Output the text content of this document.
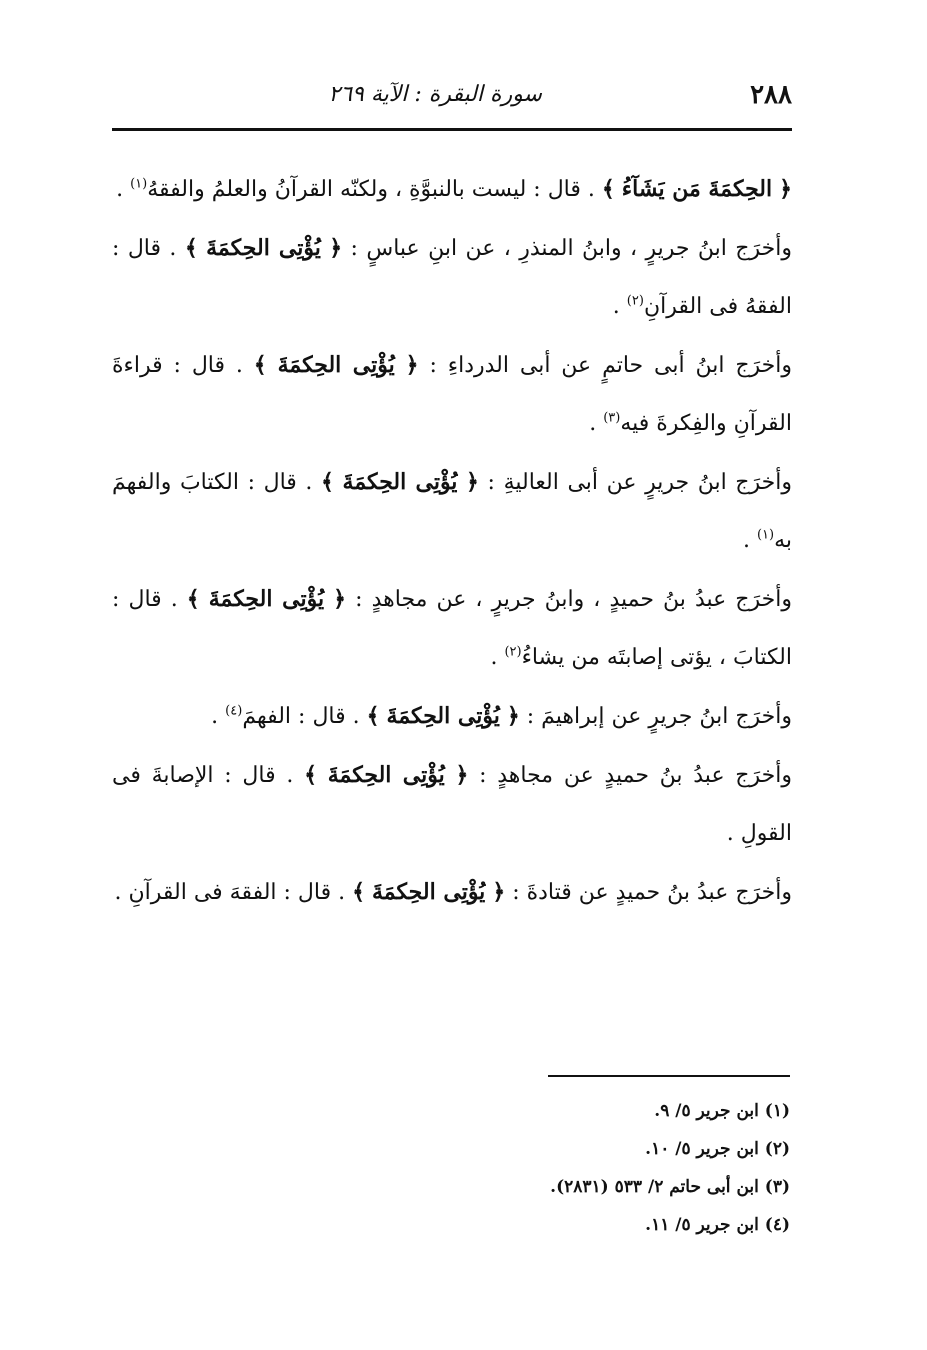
٢٨٨
سورة البقرة : الآية ٢٦٩

﴿ الحِكمَةَ مَن يَشَآءُ ﴾ . قال : ليست بالنبوَّةِ ، ولكنّه القرآنُ والعلمُ والفقهُ$^{(١)}$ .

وأخرَج ابنُ جريرٍ ، وابنُ المنذرِ ، عن ابنِ عباسٍ : ﴿ يُؤْتِى الحِكمَةَ ﴾ . قال : الفقهُ فى القرآنِ$^{(٢)}$ .

وأخرَج ابنُ أبى حاتمٍ عن أبى الدرداءِ : ﴿ يُؤْتِى الحِكمَةَ ﴾ . قال : قراءةَ القرآنِ والفِكرةَ فيه$^{(٣)}$ .

وأخرَج ابنُ جريرٍ عن أبى العاليةِ : ﴿ يُؤْتِى الحِكمَةَ ﴾ . قال : الكتابَ والفهمَ به$^{(١)}$ .

وأخرَج عبدُ بنُ حميدٍ ، وابنُ جريرٍ ، عن مجاهدٍ : ﴿ يُؤْتِى الحِكمَةَ ﴾ . قال : الكتابَ ، يؤتى إصابتَه من يشاءُ$^{(٢)}$ .

وأخرَج ابنُ جريرٍ عن إبراهيمَ : ﴿ يُؤْتِى الحِكمَةَ ﴾ . قال : الفهمَ$^{(٤)}$ .

وأخرَج عبدُ بنُ حميدٍ عن مجاهدٍ : ﴿ يُؤْتِى الحِكمَةَ ﴾ . قال : الإصابةَ فى القولِ .

وأخرَج عبدُ بنُ حميدٍ عن قتادةَ : ﴿ يُؤْتِى الحِكمَةَ ﴾ . قال : الفقهَ فى القرآنِ .

(١) ابن جرير ٥/ ٩.
(٢) ابن جرير ٥/ ١٠.
(٣) ابن أبى حاتم ٢/ ٥٣٣ (٢٨٣١).
(٤) ابن جرير ٥/ ١١.
